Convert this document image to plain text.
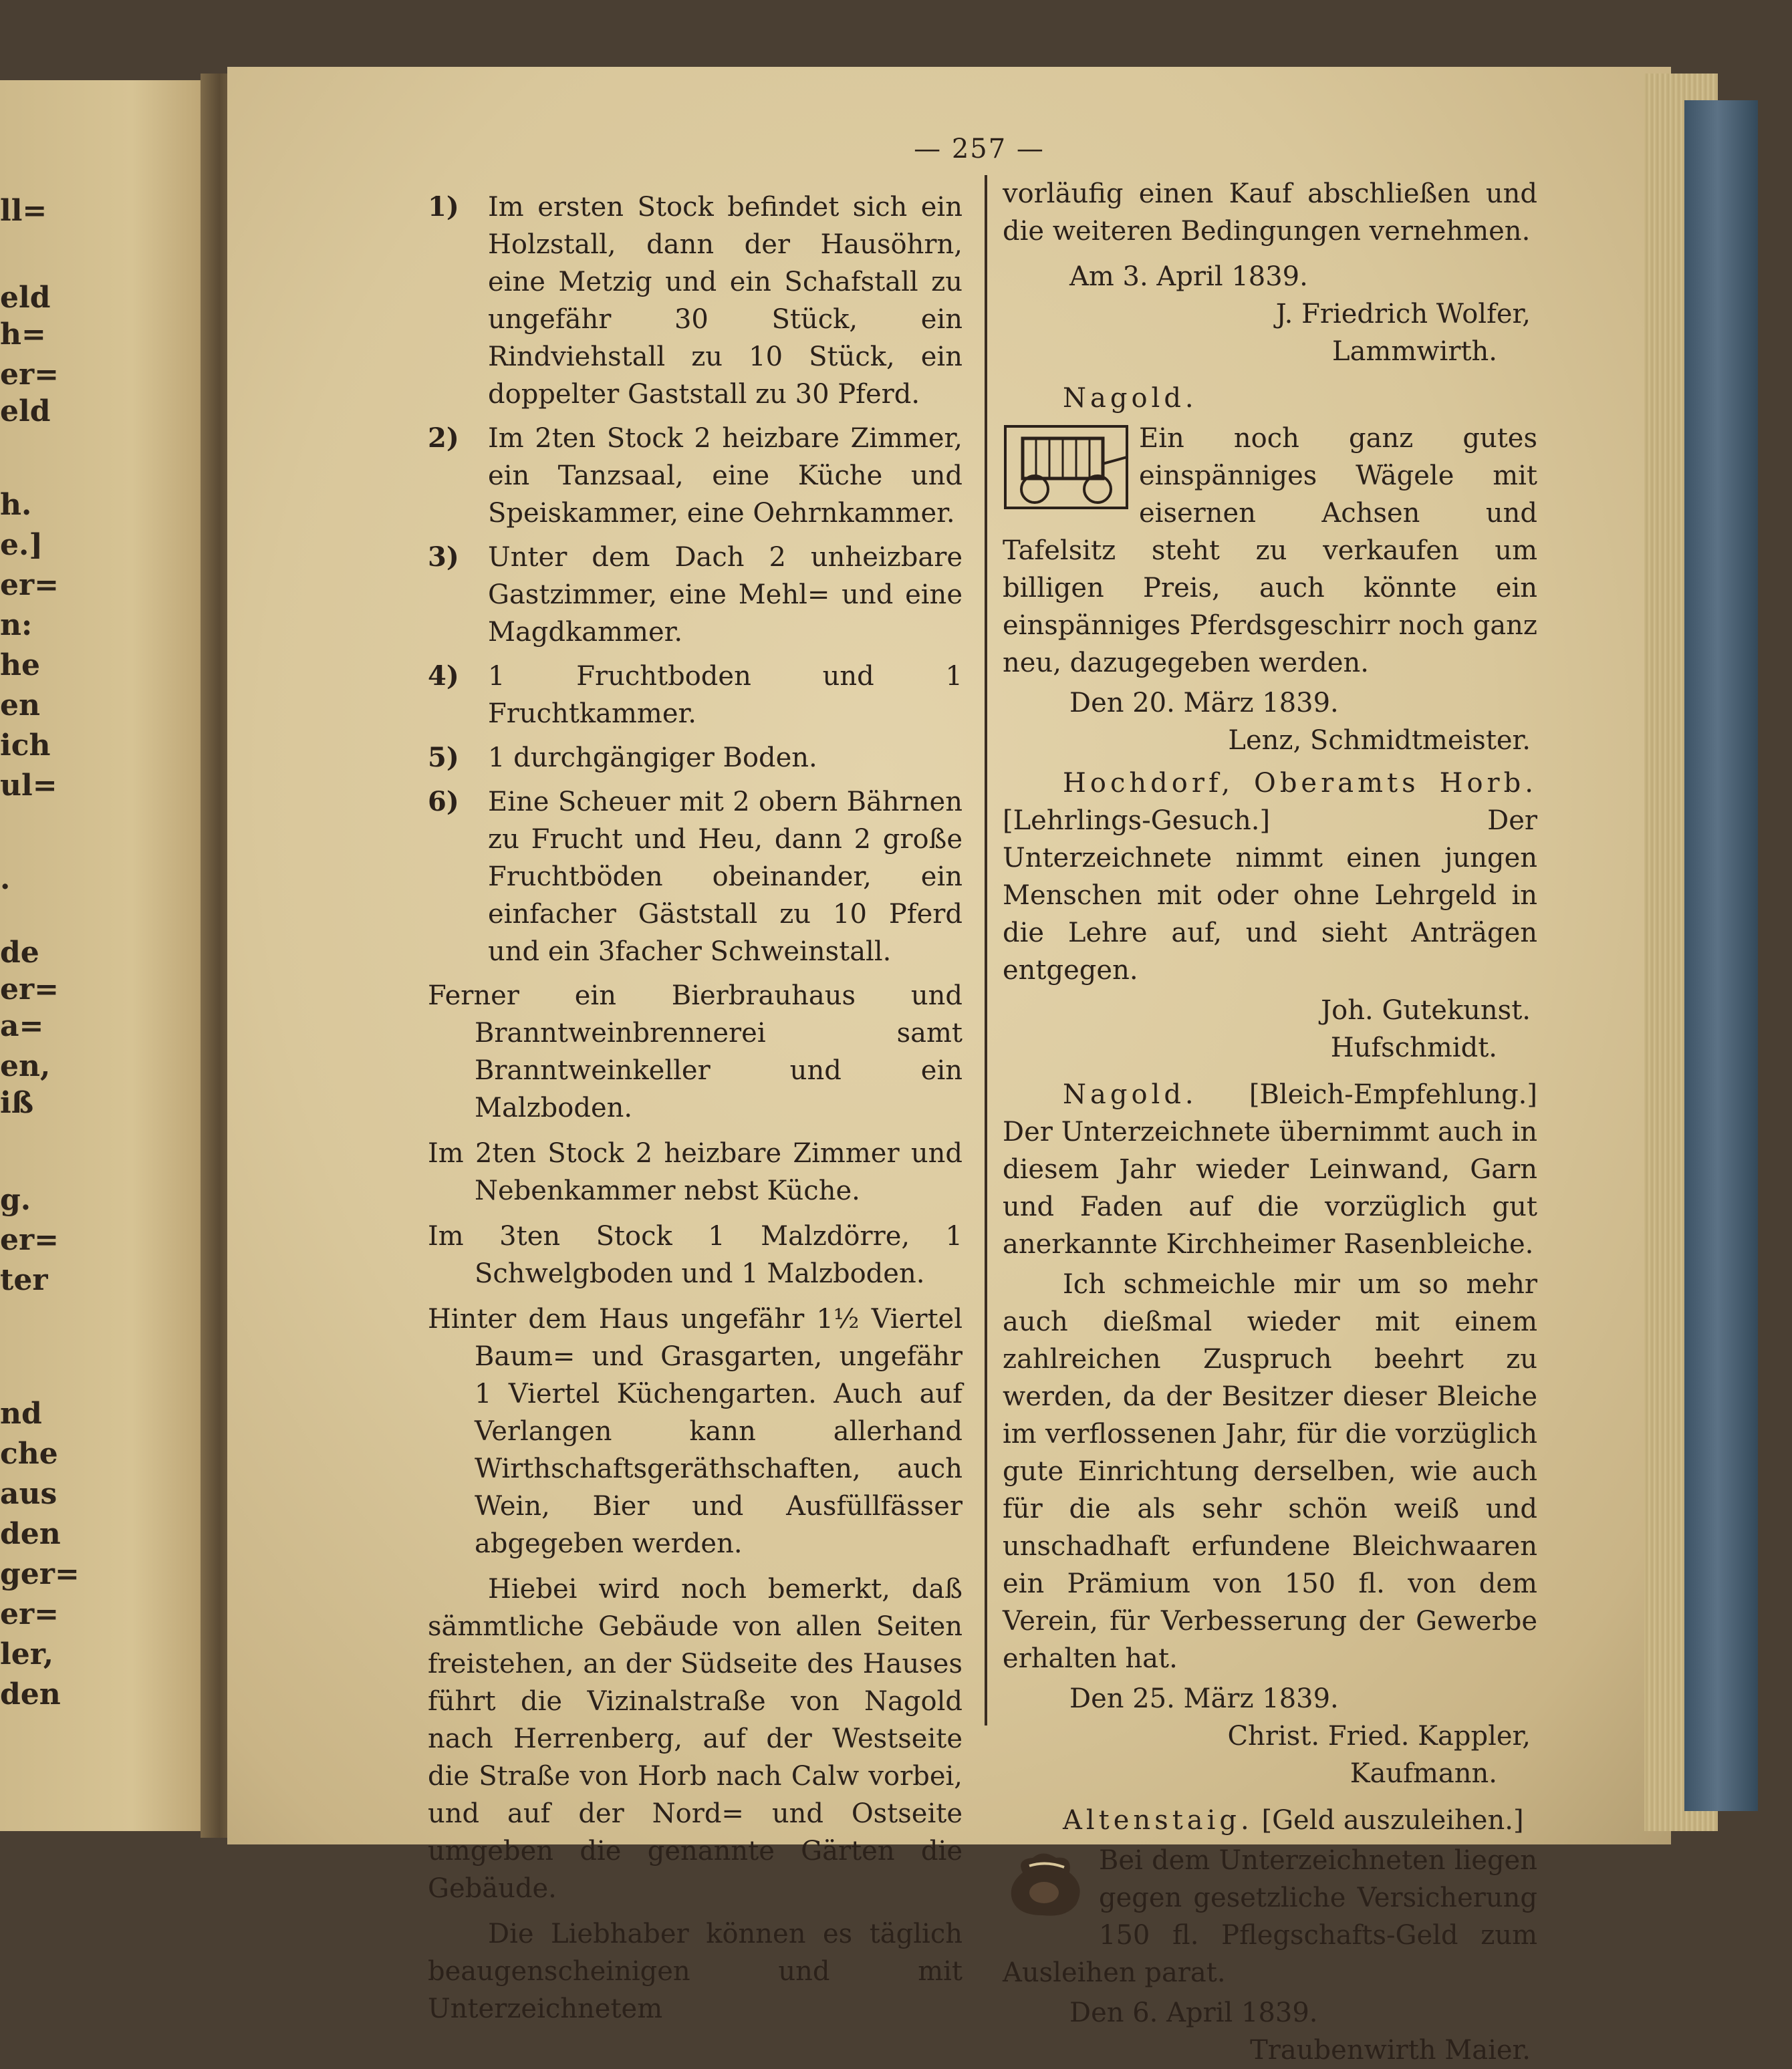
ll=
eld
h=
er=
eld
h.
e.]
er=
n:
he
en
ich
ul=
.
de
er=
a=
en,
iß
g.
er=
ter
nd
che
aus
den
ger=
er=
ler,
den
— 257 —
1)	Im ersten Stock befindet sich ein Holzstall, dann der Hausöhrn, eine Metzig und ein Schafstall zu ungefähr 30 Stück, ein Rindviehstall zu 10 Stück, ein doppelter Gaststall zu 30 Pferd.
2)	Im 2ten Stock 2 heizbare Zimmer, ein Tanzsaal, eine Küche und Speiskammer, eine Oehrnkammer.
3)	Unter dem Dach 2 unheizbare Gastzimmer, eine Mehl= und eine Magdkammer.
4)	1 Fruchtboden und 1 Fruchtkammer.
5)	1 durchgängiger Boden.
6)	Eine Scheuer mit 2 obern Bährnen zu Frucht und Heu, dann 2 große Fruchtböden obeinander, ein einfacher Gäststall zu 10 Pferd und ein 3facher Schweinstall.

Ferner ein Bierbrauhaus und Branntweinbrennerei samt Branntweinkeller und ein Malzboden.

Im 2ten Stock 2 heizbare Zimmer und Nebenkammer nebst Küche.

Im 3ten Stock 1 Malzdörre, 1 Schwelgboden und 1 Malzboden.

Hinter dem Haus ungefähr 1½ Viertel Baum= und Grasgarten, ungefähr 1 Viertel Küchengarten. Auch auf Verlangen kann allerhand Wirthschaftsgeräthschaften, auch Wein, Bier und Ausfüllfässer abgegeben werden.

Hiebei wird noch bemerkt, daß sämmtliche Gebäude von allen Seiten freistehen, an der Südseite des Hauses führt die Vizinalstraße von Nagold nach Herrenberg, auf der Westseite die Straße von Horb nach Calw vorbei, und auf der Nord= und Ostseite umgeben die genannte Gärten die Gebäude.

Die Liebhaber können es täglich beaugenscheinigen und mit Unterzeichnetem

vorläufig einen Kauf abschließen und die weiteren Bedingungen vernehmen.

Am 3. April 1839.
J. Friedrich Wolfer,
Lammwirth.

Nagold.

Ein noch ganz gutes einspänniges Wägele mit eisernen Achsen und Tafelsitz steht zu verkaufen um billigen Preis, auch könnte ein einspänniges Pferdsgeschirr noch ganz neu, dazugegeben werden.

Den 20. März 1839.
Lenz, Schmidtmeister.

Hochdorf, Oberamts Horb. [Lehrlings-Gesuch.]	Der Unterzeichnete nimmt einen jungen Menschen mit oder ohne Lehrgeld in die Lehre auf, und sieht Anträgen entgegen.

Joh. Gutekunst.
Hufschmidt.

Nagold. [Bleich-Empfehlung.] Der Unterzeichnete übernimmt auch in diesem Jahr wieder Leinwand, Garn und Faden auf die vorzüglich gut anerkannte Kirchheimer Rasenbleiche.

Ich schmeichle mir um so mehr auch dießmal wieder mit einem zahlreichen Zuspruch beehrt zu werden, da der Besitzer dieser Bleiche im verflossenen Jahr, für die vorzüglich gute Einrichtung derselben, wie auch für die als sehr schön weiß und unschadhaft erfundene Bleichwaaren ein Prämium von 150 fl. von dem Verein, für Verbesserung der Gewerbe erhalten hat.

Den 25. März 1839.
Christ. Fried. Kappler,
Kaufmann.

Altenstaig. [Geld auszuleihen.]

Bei dem Unterzeichneten liegen gegen gesetzliche Versicherung 150 fl. Pflegschafts-Geld zum Ausleihen parat.

Den 6. April 1839.
Traubenwirth Maier.
